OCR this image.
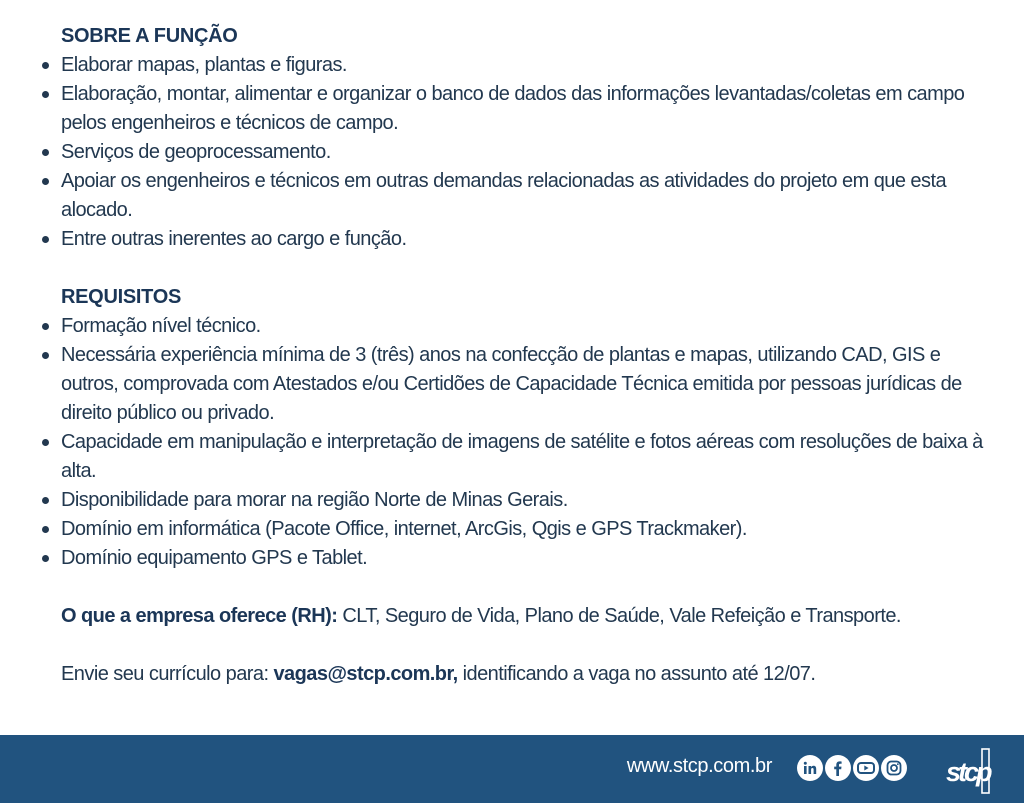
SOBRE A FUNÇÃO
Elaborar mapas, plantas e figuras.
Elaboração, montar, alimentar e organizar o banco de dados das informações levantadas/coletas em campo pelos engenheiros e técnicos de campo.
Serviços de geoprocessamento.
Apoiar os engenheiros e técnicos em outras demandas relacionadas as atividades do projeto em que esta alocado.
Entre outras inerentes ao cargo e função.
REQUISITOS
Formação nível técnico.
Necessária experiência mínima de 3 (três) anos na confecção de plantas e mapas, utilizando CAD, GIS e outros, comprovada com Atestados e/ou Certidões de Capacidade Técnica emitida por pessoas jurídicas de direito público ou privado.
Capacidade em manipulação e interpretação de imagens de satélite e fotos aéreas com resoluções de baixa à alta.
Disponibilidade para morar na região Norte de Minas Gerais.
Domínio em informática (Pacote Office, internet, ArcGis, Qgis e GPS Trackmaker).
Domínio equipamento GPS e Tablet.

O que a empresa oferece (RH): CLT, Seguro de Vida, Plano de Saúde, Vale Refeição e Transporte.

Envie seu currículo para: vagas@stcp.com.br, identificando a vaga no assunto até 12/07.

www.stcp.com.br	stcp
